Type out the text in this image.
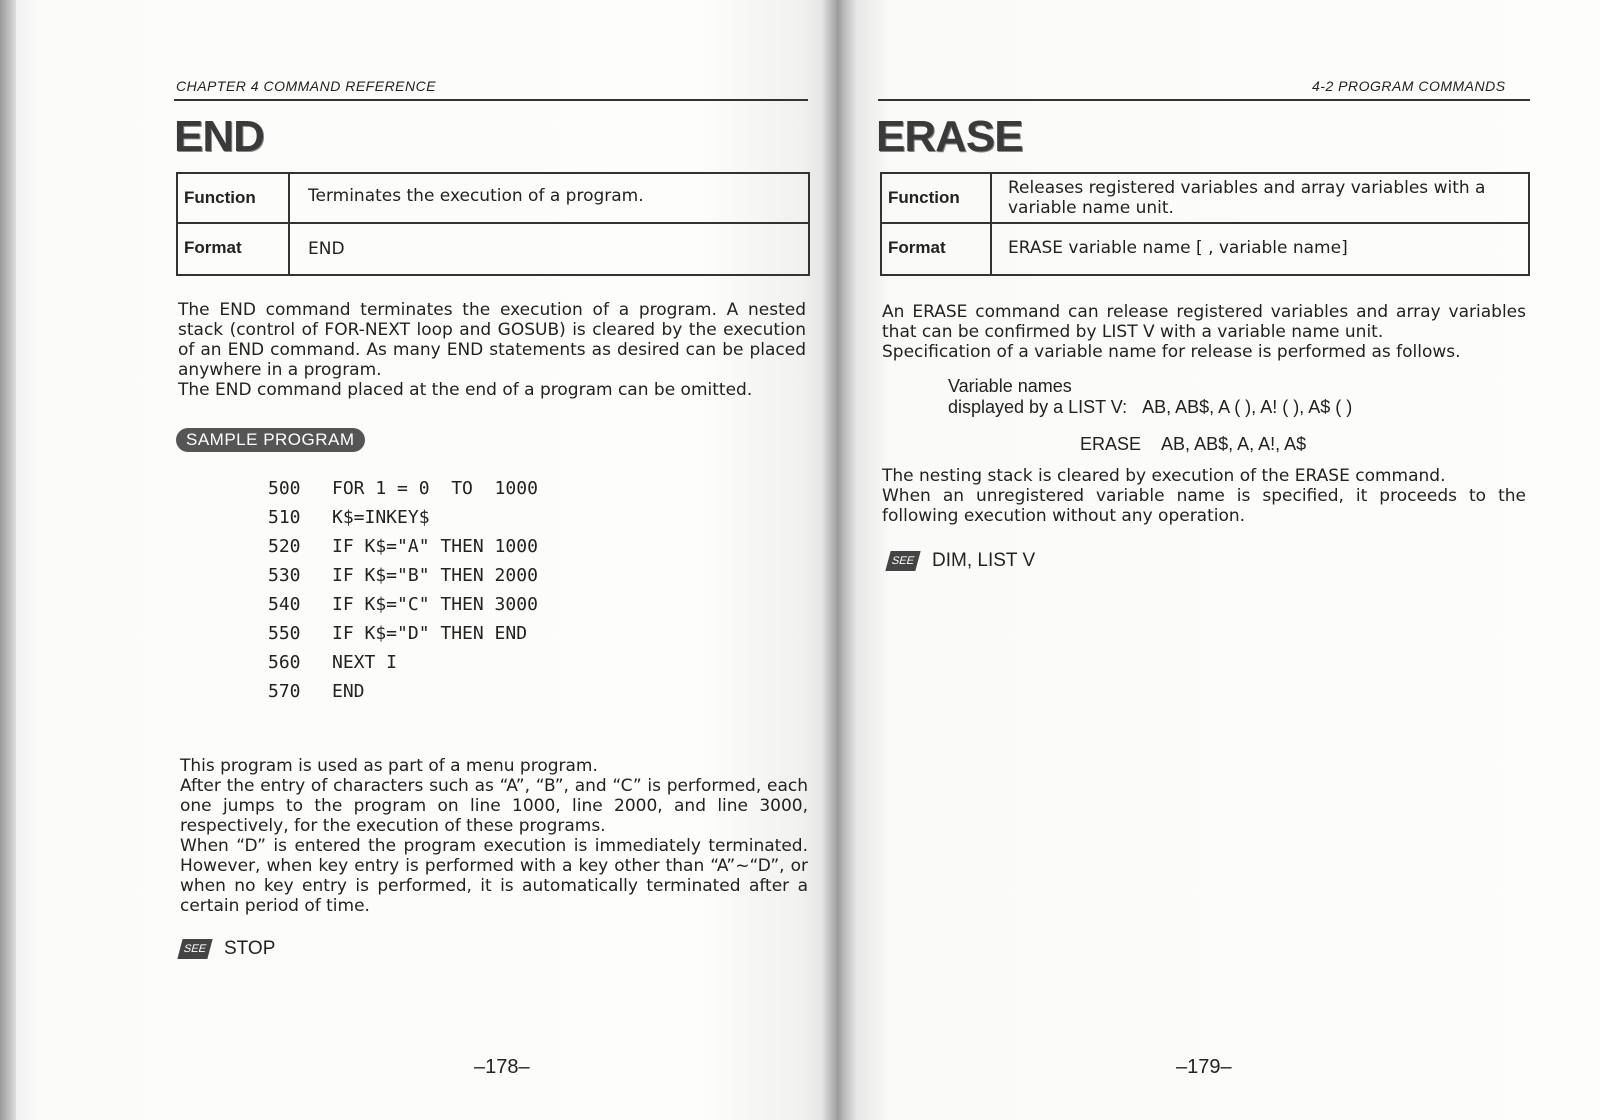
CHAPTER 4 COMMAND REFERENCE
END
Function	Terminates the execution of a program.
Format	END

The END command terminates the execution of a program. A nested stack (control of FOR-NEXT loop and GOSUB) is cleared by the execution of an END command. As many END statements as desired can be placed anywhere in a program.

The END command placed at the end of a program can be omitted.

SAMPLE PROGRAM
500 FOR 1 = 0  TO  1000
510 K$=INKEY$
520 IF K$="A" THEN 1000
530 IF K$="B" THEN 2000
540 IF K$="C" THEN 3000
550 IF K$="D" THEN END
560 NEXT I
570 END

This program is used as part of a menu program.

After the entry of characters such as “A”, “B”, and “C” is performed, each one jumps to the program on line 1000, line 2000, and line 3000, respectively, for the execution of these programs.

When “D” is entered the program execution is immediately terminated. However, when key entry is performed with a key other than “A”~“D”, or when no key entry is performed, it is automatically terminated after a certain period of time.

SEE STOP
–178–
4-2 PROGRAM COMMANDS
ERASE
Function	Releases registered variables and array variables with a
variable name unit.
Format	ERASE variable name [ , variable name]

An ERASE command can release registered variables and array variables that can be confirmed by LIST V with a variable name unit.

Specification of a variable name for release is performed as follows.

Variable names
displayed by a LIST V: AB, AB$, A ( ), A! ( ), A$ ( )
ERASE AB, AB$, A, A!, A$

The nesting stack is cleared by execution of the ERASE command.

When an unregistered variable name is specified, it proceeds to the following execution without any operation.

SEE DIM, LIST V
–179–
